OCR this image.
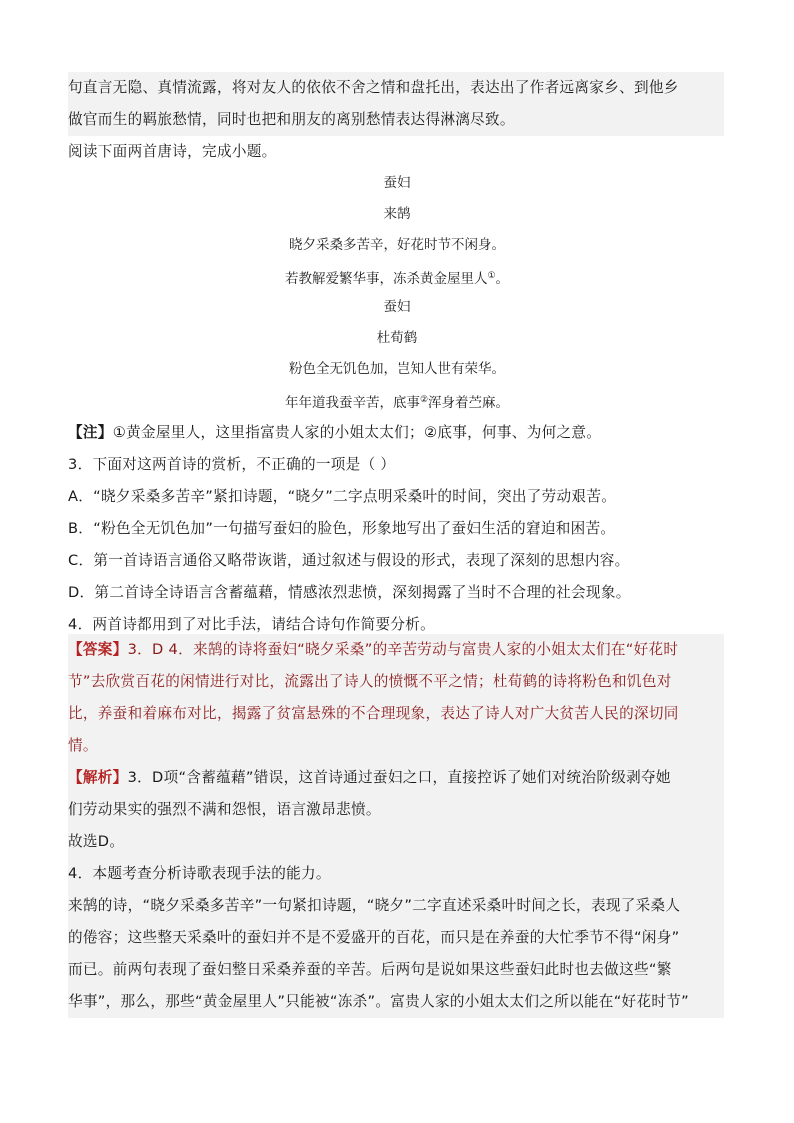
句直言无隐、真情流露，将对友人的依依不舍之情和盘托出，表达出了作者远离家乡、到他乡
做官而生的羁旅愁情，同时也把和朋友的离别愁情表达得淋漓尽致。
阅读下面两首唐诗，完成小题。
蚕妇
来鹄
晓夕采桑多苦辛，好花时节不闲身。
若教解爱繁华事，冻杀黄金屋里人①。
蚕妇
杜荀鹤
粉色全无饥色加，岂知人世有荣华。
年年道我蚕辛苦，底事②浑身着苎麻。
【注】①黄金屋里人，这里指富贵人家的小姐太太们；②底事，何事、为何之意。
3．下面对这两首诗的赏析，不正确的一项是（ ）
A．“晓夕采桑多苦辛”紧扣诗题，“晓夕”二字点明采桑叶的时间，突出了劳动艰苦。
B．“粉色全无饥色加”一句描写蚕妇的脸色，形象地写出了蚕妇生活的窘迫和困苦。
C．第一首诗语言通俗又略带诙谐，通过叙述与假设的形式，表现了深刻的思想内容。
D．第二首诗全诗语言含蓄蕴藉，情感浓烈悲愤，深刻揭露了当时不合理的社会现象。
4．两首诗都用到了对比手法，请结合诗句作简要分析。
【答案】3．D 4．来鹄的诗将蚕妇“晓夕采桑”的辛苦劳动与富贵人家的小姐太太们在“好花时
节”去欣赏百花的闲情进行对比，流露出了诗人的愤慨不平之情；杜荀鹤的诗将粉色和饥色对
比，养蚕和着麻布对比，揭露了贫富悬殊的不合理现象，表达了诗人对广大贫苦人民的深切同
情。
【解析】3．D项“含蓄蕴藉”错误，这首诗通过蚕妇之口，直接控诉了她们对统治阶级剥夺她
们劳动果实的强烈不满和怨恨，语言激昂悲愤。
故选D。
4．本题考查分析诗歌表现手法的能力。
来鹄的诗，“晓夕采桑多苦辛”一句紧扣诗题，“晓夕”二字直述采桑叶时间之长，表现了采桑人
的倦容；这些整天采桑叶的蚕妇并不是不爱盛开的百花，而只是在养蚕的大忙季节不得“闲身”
而已。前两句表现了蚕妇整日采桑养蚕的辛苦。后两句是说如果这些蚕妇此时也去做这些“繁
华事”，那么，那些“黄金屋里人”只能被“冻杀”。富贵人家的小姐太太们之所以能在“好花时节”
